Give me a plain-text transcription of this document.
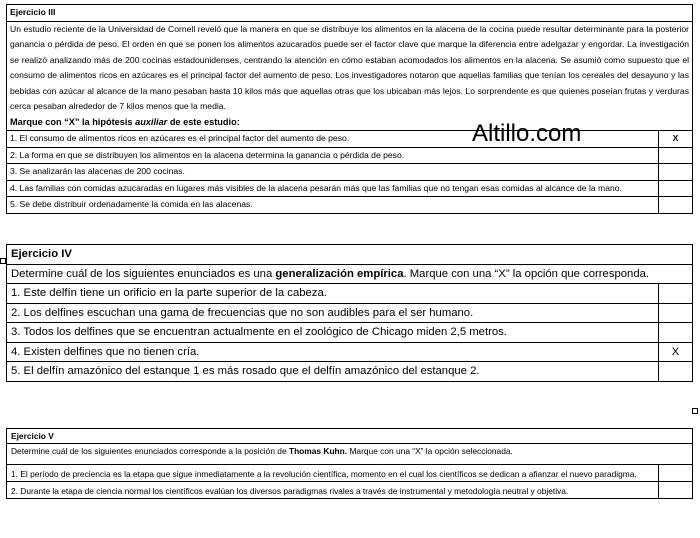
Ejercicio III	

Un estudio reciente de la Universidad de Cornell reveló que la manera en que se distribuye los alimentos en la alacena de la cocina puede resultar determinante para la posterior ganancia o pérdida de peso. El orden en que se ponen los alimentos azucarados puede ser el factor clave que marque la diferencia entre adelgazar y engordar. La investigación se realizó analizando más de 200 cocinas estadounidenses, centrando la atención en cómo estaban acomodados los alimentos en la alacena. Se asumió como supuesto que el consumo de alimentos ricos en azúcares es el principal factor del aumento de peso. Los investigadores notaron que aquellas familias que tenían los cereales del desayuno y las bebidas con azúcar al alcance de la mano pesaban hasta 10 kilos más que aquellas otras que los ubicaban más lejos. Lo sorprendente es que quienes poseían frutas y verduras cerca pesaban alrededor de 7 kilos menos que la media.
Marque con “X” la hipótesis auxiliar de este estudio:	

1. El consumo de alimentos ricos en azúcares es el principal factor del aumento de peso.	X
2. La forma en que se distribuyen los alimentos en la alacena determina la ganancia o pérdida de peso.	
3. Se analizarán las alacenas de 200 cocinas.	
4. Las familias con comidas azucaradas en lugares más visibles de la alacena pesarán más que las familias que no tengan esas comidas al alcance de la mano.	
5. Se debe distribuir ordenadamente la comida en las alacenas.	
Altillo.com
Ejercicio IV	
Determine cuál de los siguientes enunciados es una generalización empírica. Marque con una “X” la opción que corresponda.	
1. Este delfín tiene un orificio en la parte superior de la cabeza.	
2. Los delfines escuchan una gama de frecuencias que no son audibles para el ser humano.	
3. Todos los delfines que se encuentran actualmente en el zoológico de Chicago miden 2,5 metros.	
4. Existen delfines que no tienen cría.	X
5. El delfín amazónico del estanque 1 es más rosado que el delfín amazónico del estanque 2.	
Ejercicio V	
Determine cuál de los siguientes enunciados corresponde a la posición de Thomas Kuhn. Marque con una “X” la opción seleccionada.	
1. El período de preciencia es la etapa que sigue inmediatamente a la revolución científica, momento en el cual los científicos se dedican a afianzar el nuevo paradigma.	
2. Durante la etapa de ciencia normal los científicos evalúan los diversos paradigmas rivales a través de instrumental y metodología neutral y objetiva.	
